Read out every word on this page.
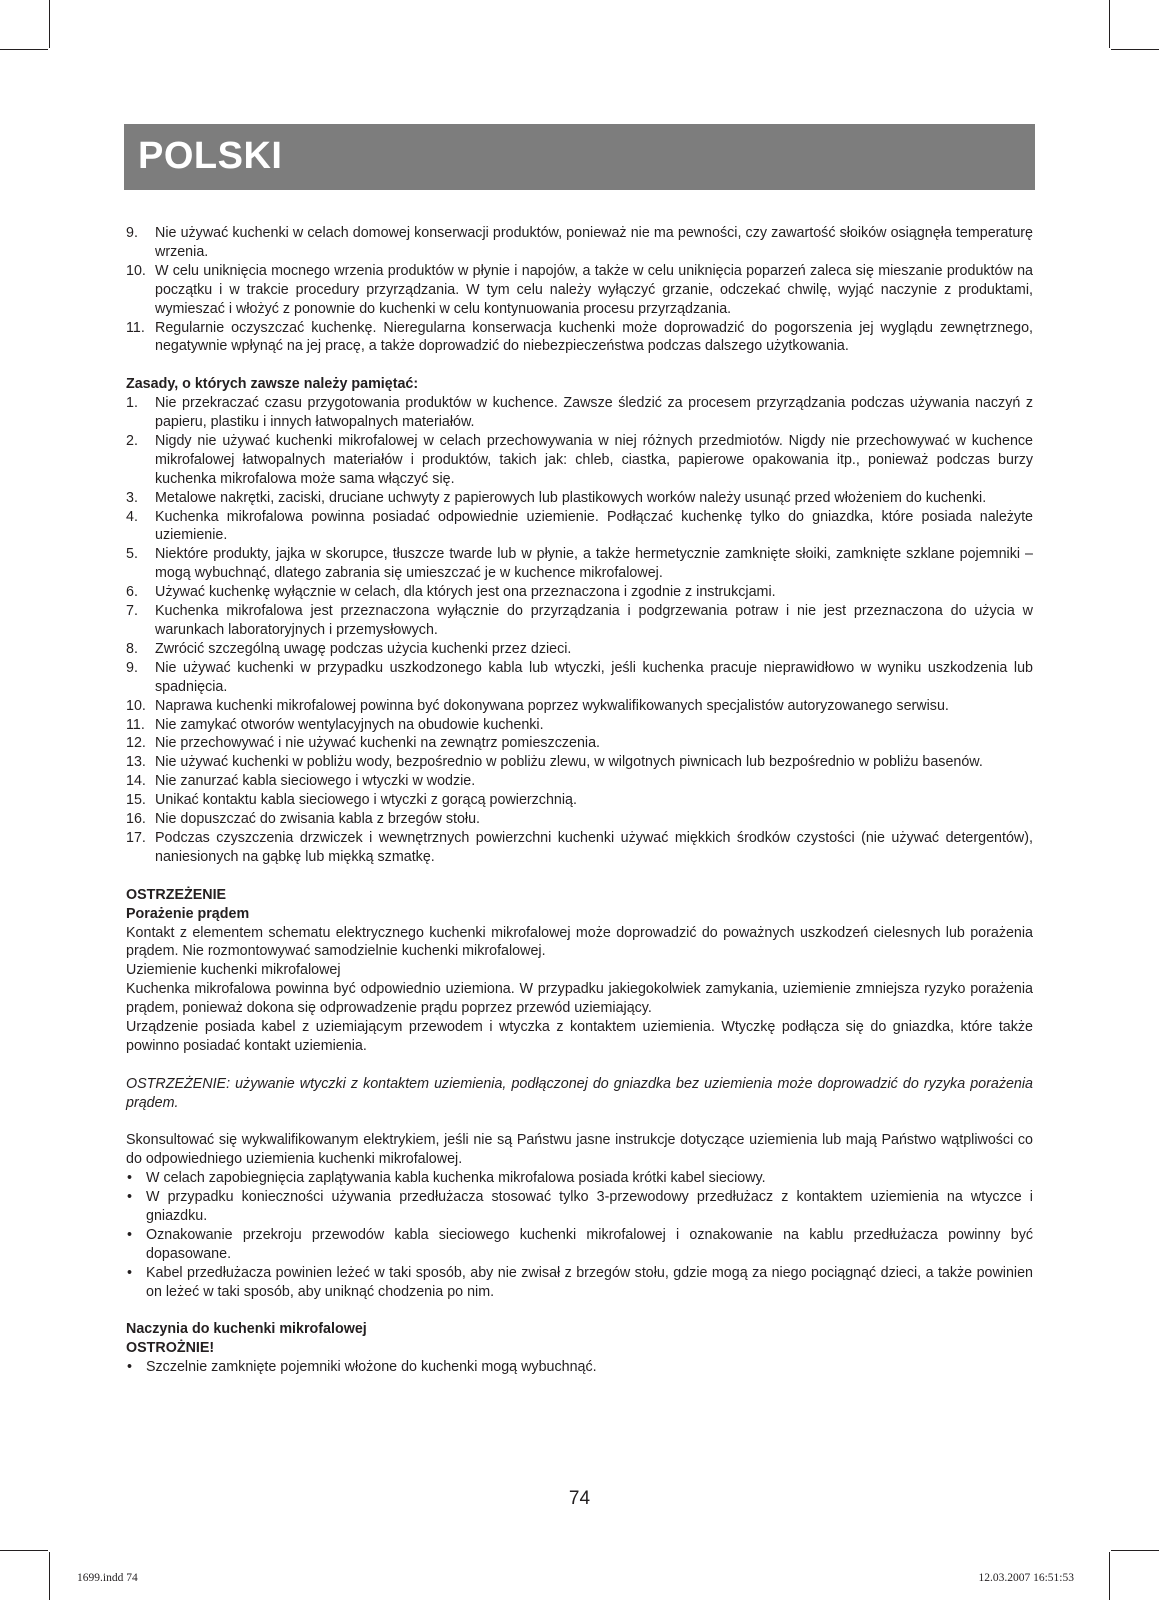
POLSKI
9. Nie używać kuchenki w celach domowej konserwacji produktów, ponieważ nie ma pewności, czy zawartość słoików osiągnęła temperaturę wrzenia.
10. W celu uniknięcia mocnego wrzenia produktów w płynie i napojów, a także w celu uniknięcia poparzeń zaleca się mieszanie produktów na początku i w trakcie procedury przyrządzania. W tym celu należy wyłączyć grzanie, odczekać chwilę, wyjąć naczynie z produktami, wymieszać i włożyć z ponownie do kuchenki w celu kontynuowania procesu przyrządzania.
11. Regularnie oczyszczać kuchenkę. Nieregularna konserwacja kuchenki może doprowadzić do pogorszenia jej wyglądu zewnętrznego, negatywnie wpłynąć na jej pracę, a także doprowadzić do niebezpieczeństwa podczas dalszego użytkowania.
Zasady, o których zawsze należy pamiętać:
1. Nie przekraczać czasu przygotowania produktów w kuchence. Zawsze śledzić za procesem przyrządzania podczas używania naczyń z papieru, plastiku i innych łatwopalnych materiałów.
2. Nigdy nie używać kuchenki mikrofalowej w celach przechowywania w niej różnych przedmiotów. Nigdy nie przechowywać w kuchence mikrofalowej łatwopalnych materiałów i produktów, takich jak: chleb, ciastka, papierowe opakowania itp., ponieważ podczas burzy kuchenka mikrofalowa może sama włączyć się.
3. Metalowe nakrętki, zaciski, druciane uchwyty z papierowych lub plastikowych worków należy usunąć przed włożeniem do kuchenki.
4. Kuchenka mikrofalowa powinna posiadać odpowiednie uziemienie. Podłączać kuchenkę tylko do gniazdka, które posiada należyte uziemienie.
5. Niektóre produkty, jajka w skorupce, tłuszcze twarde lub w płynie, a także hermetycznie zamknięte słoiki, zamknięte szklane pojemniki – mogą wybuchnąć, dlatego zabrania się umieszczać je w kuchence mikrofalowej.
6. Używać kuchenkę wyłącznie w celach, dla których jest ona przeznaczona i zgodnie z instrukcjami.
7. Kuchenka mikrofalowa jest przeznaczona wyłącznie do przyrządzania i podgrzewania potraw i nie jest przeznaczona do użycia w warunkach laboratoryjnych i przemysłowych.
8. Zwrócić szczególną uwagę podczas użycia kuchenki przez dzieci.
9. Nie używać kuchenki w przypadku uszkodzonego kabla lub wtyczki, jeśli kuchenka pracuje nieprawidłowo w wyniku uszkodzenia lub spadnięcia.
10. Naprawa kuchenki mikrofalowej powinna być dokonywana poprzez wykwalifikowanych specjalistów autoryzowanego serwisu.
11. Nie zamykać otworów wentylacyjnych na obudowie kuchenki.
12. Nie przechowywać i nie używać kuchenki na zewnątrz pomieszczenia.
13. Nie używać kuchenki w pobliżu wody, bezpośrednio w pobliżu zlewu, w wilgotnych piwnicach lub bezpośrednio w pobliżu basenów.
14. Nie zanurzać kabla sieciowego i wtyczki w wodzie.
15. Unikać kontaktu kabla sieciowego i wtyczki z gorącą powierzchnią.
16. Nie dopuszczać do zwisania kabla z brzegów stołu.
17. Podczas czyszczenia drzwiczek i wewnętrznych powierzchni kuchenki używać miękkich środków czystości (nie używać detergentów), naniesionych na gąbkę lub miękką szmatkę.
OSTRZEŻENIE
Porażenie prądem
Kontakt z elementem schematu elektrycznego kuchenki mikrofalowej może doprowadzić do poważnych uszkodzeń cielesnych lub porażenia prądem. Nie rozmontowywać samodzielnie kuchenki mikrofalowej.
Uziemienie kuchenki mikrofalowej
Kuchenka mikrofalowa powinna być odpowiednio uziemiona. W przypadku jakiegokolwiek zamykania, uziemienie zmniejsza ryzyko porażenia prądem, ponieważ dokona się odprowadzenie prądu poprzez przewód uziemiający.
Urządzenie posiada kabel z uziemiającym przewodem i wtyczka z kontaktem uziemienia. Wtyczkę podłącza się do gniazdka, które także powinno posiadać kontakt uziemienia.
OSTRZEŻENIE: używanie wtyczki z kontaktem uziemienia, podłączonej do gniazdka bez uziemienia może doprowadzić do ryzyka porażenia prądem.
Skonsultować się wykwalifikowanym elektrykiem, jeśli nie są Państwu jasne instrukcje dotyczące uziemienia lub mają Państwo wątpliwości co do odpowiedniego uziemienia kuchenki mikrofalowej.
• W celach zapobiegnięcia zaplątywania kabla kuchenka mikrofalowa posiada krótki kabel sieciowy.
• W przypadku konieczności używania przedłużacza stosować tylko 3-przewodowy przedłużacz z kontaktem uziemienia na wtyczce i gniazdku.
• Oznakowanie przekroju przewodów kabla sieciowego kuchenki mikrofalowej i oznakowanie na kablu przedłużacza powinny być dopasowane.
• Kabel przedłużacza powinien leżeć w taki sposób, aby nie zwisał z brzegów stołu, gdzie mogą za niego pociągnąć dzieci, a także powinien on leżeć w taki sposób, aby uniknąć chodzenia po nim.
Naczynia do kuchenki mikrofalowej
OSTROŻNIE!
• Szczelnie zamknięte pojemniki włożone do kuchenki mogą wybuchnąć.
74
1699.indd 74	12.03.2007 16:51:53
